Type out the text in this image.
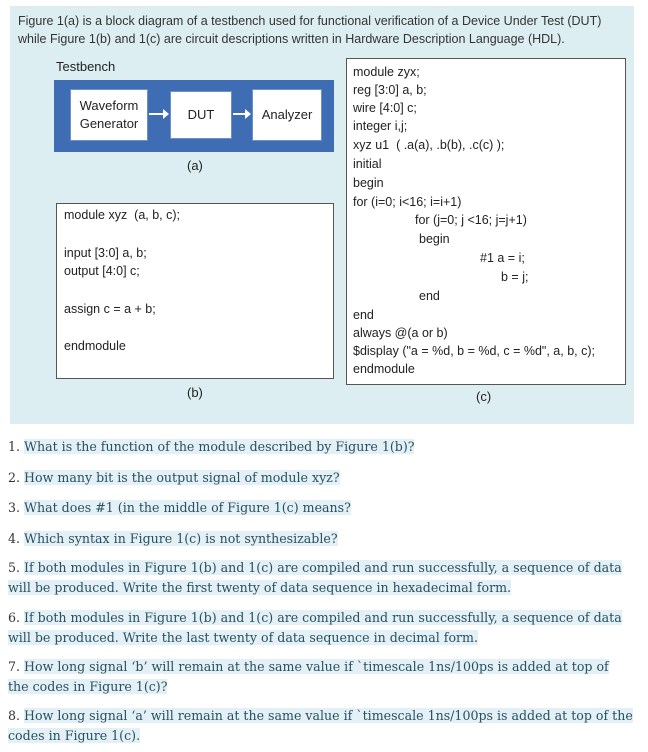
Figure 1(a) is a block diagram of a testbench used for functional verification of a Device Under Test (DUT) while Figure 1(b) and 1(c) are circuit descriptions written in Hardware Description Language (HDL).
Testbench
Waveform
Generator
DUT	Analyzer
(a)
module xyz  (a, b, c);
input [3:0] a, b;
output [4:0] c;
assign c = a + b;
endmodule
(b)
module zyx;
reg [3:0] a, b;
wire [4:0] c;
integer i,j;
xyz u1  ( .a(a), .b(b), .c(c) );
initial
begin
for (i=0; i<16; i=i+1)
for (j=0; j <16; j=j+1)
begin
#1 a = i;
b = j;
end
end
always @(a or b)
$display ("a = %d, b = %d, c = %d", a, b, c);
endmodule
(c)
1. What is the function of the module described by Figure 1(b)?
2. How many bit is the output signal of module xyz?
3. What does #1 (in the middle of Figure 1(c) means?
4. Which syntax in Figure 1(c) is not synthesizable?
5. If both modules in Figure 1(b) and 1(c) are compiled and run successfully, a sequence of data
will be produced. Write the first twenty of data sequence in hexadecimal form.
6. If both modules in Figure 1(b) and 1(c) are compiled and run successfully, a sequence of data
will be produced. Write the last twenty of data sequence in decimal form.
7. How long signal ‘b’ will remain at the same value if `timescale 1ns/100ps is added at top of
the codes in Figure 1(c)?
8. How long signal ‘a’ will remain at the same value if `timescale 1ns/100ps is added at top of the
codes in Figure 1(c).
